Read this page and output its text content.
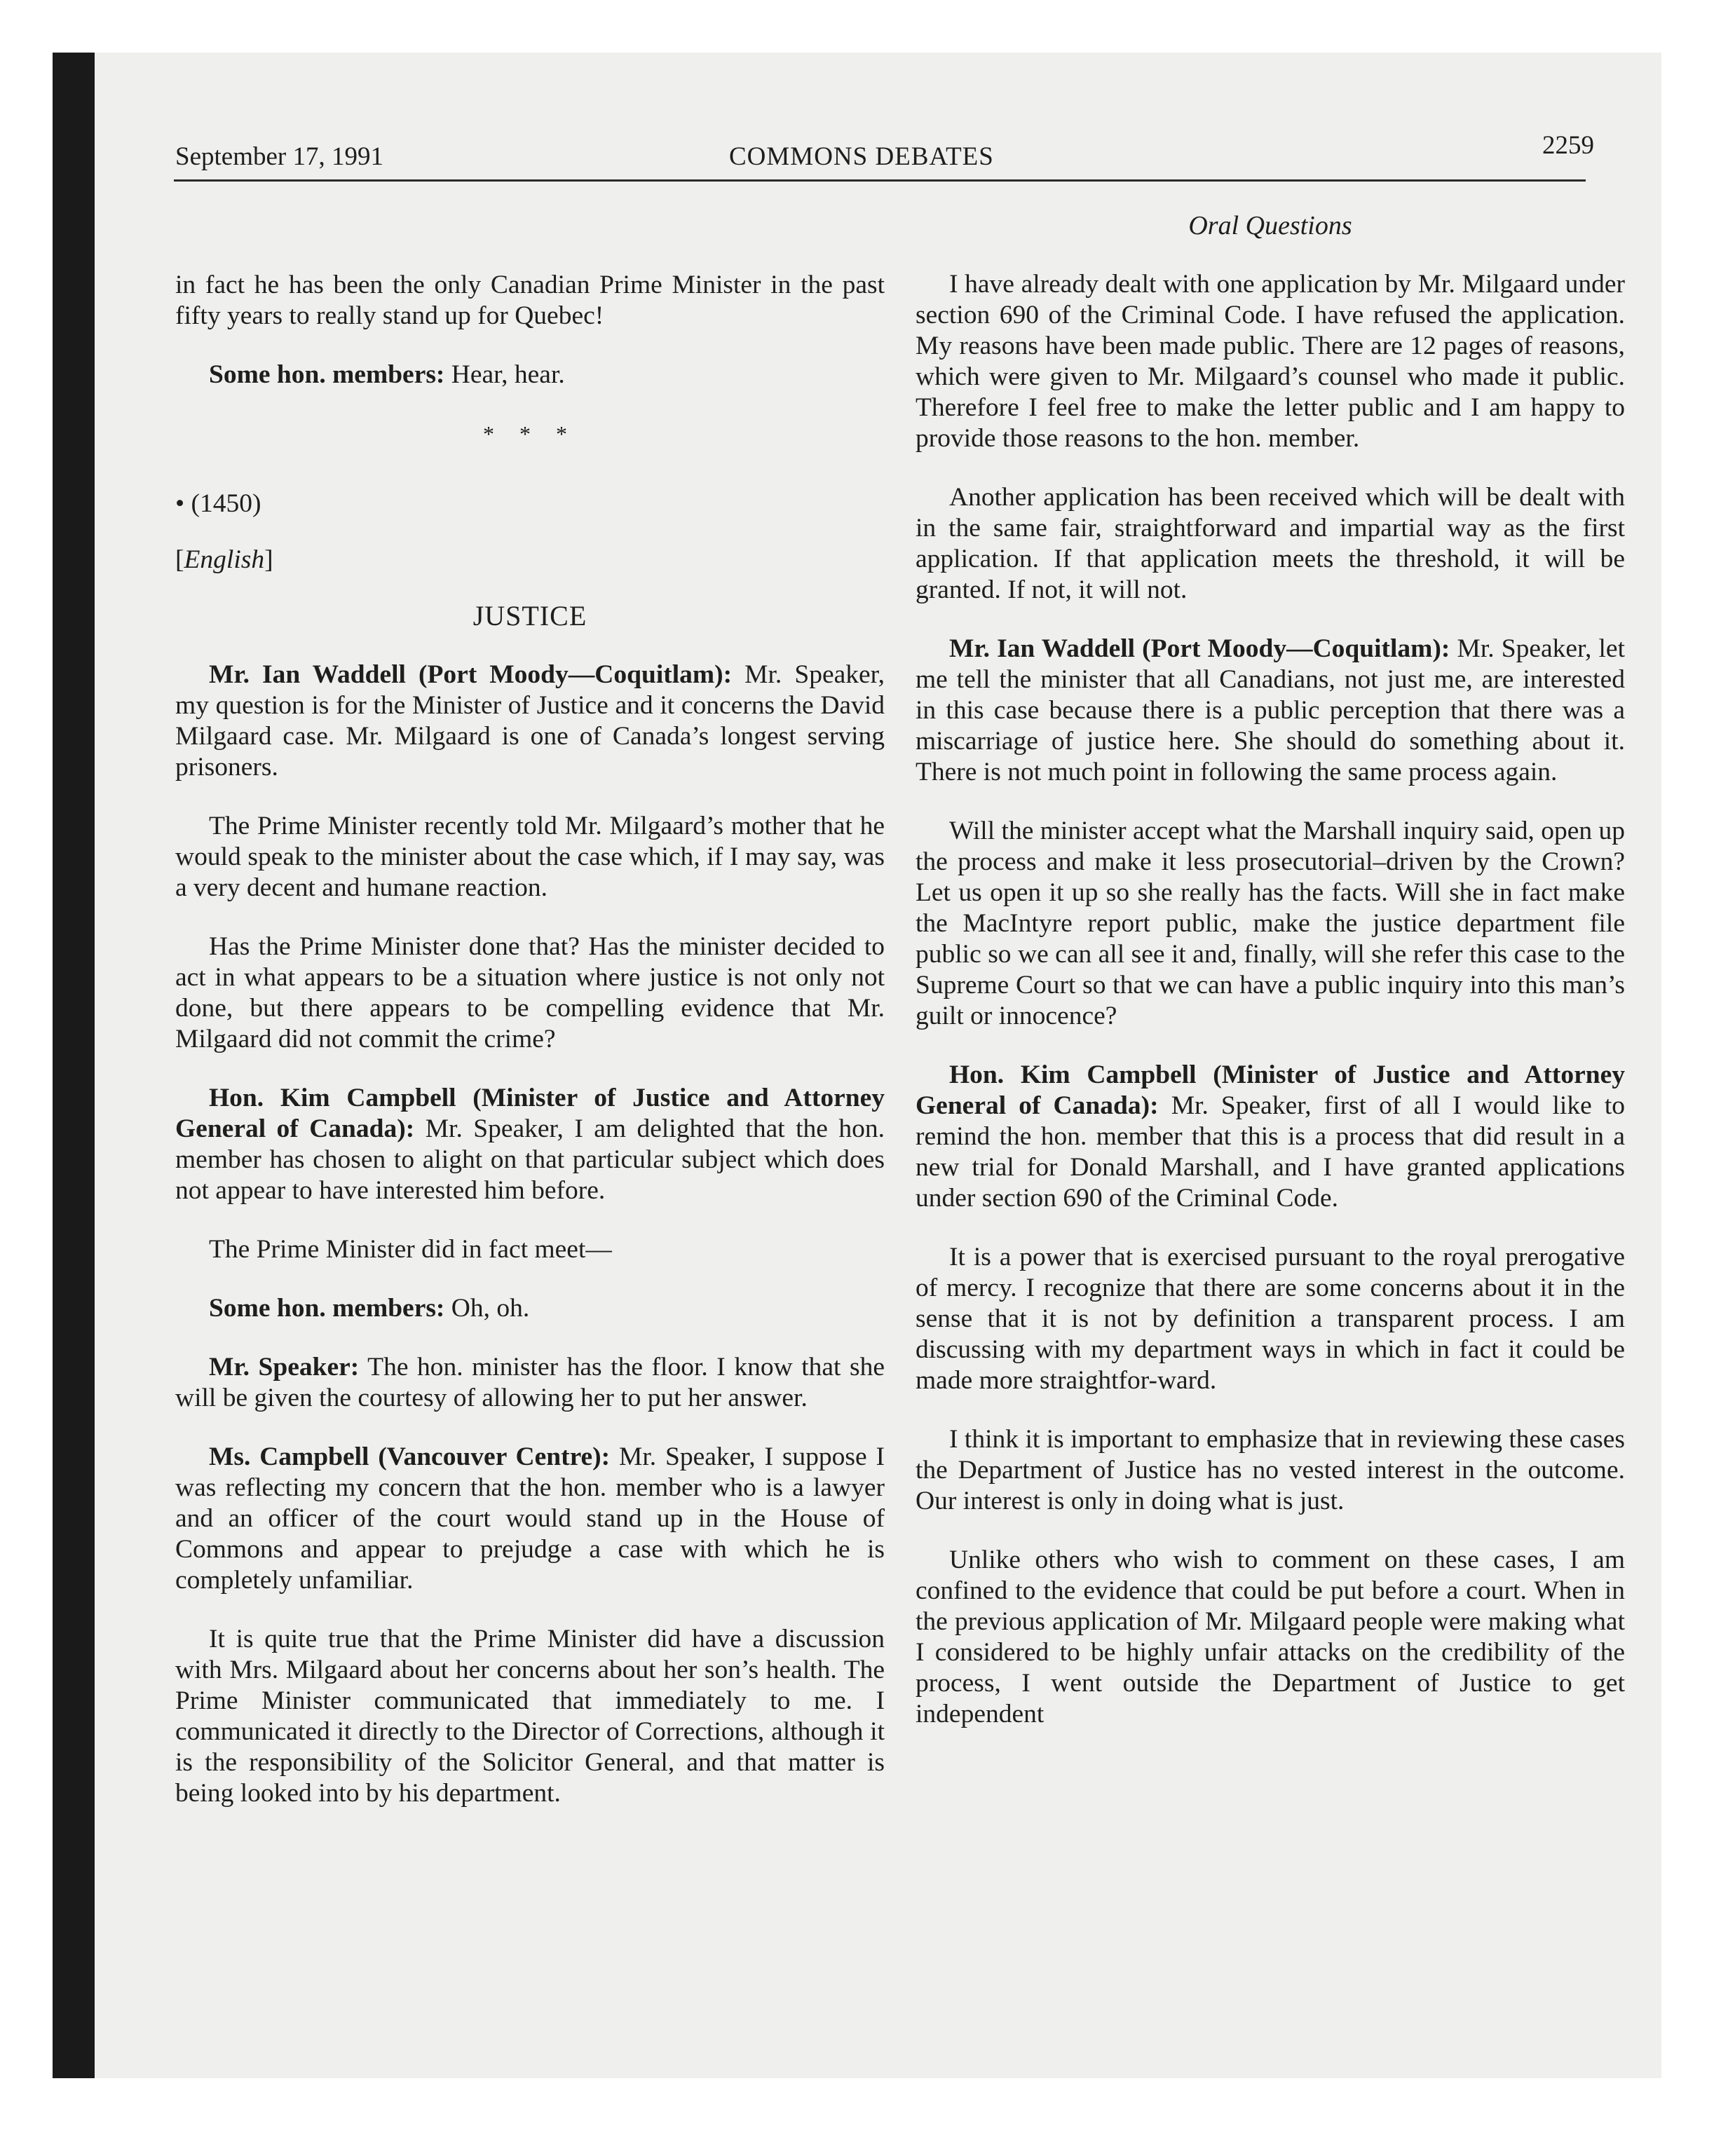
September 17, 1991	COMMONS DEBATES	2259

in fact he has been the only Canadian Prime Minister in the past fifty years to really stand up for Quebec!

Some hon. members: Hear, hear.

* * *
• (1450)
[English]
JUSTICE

Mr. Ian Waddell (Port Moody—Coquitlam): Mr. Speaker, my question is for the Minister of Justice and it concerns the David Milgaard case. Mr. Milgaard is one of Canada’s longest serving prisoners.

The Prime Minister recently told Mr. Milgaard’s mother that he would speak to the minister about the case which, if I may say, was a very decent and humane reaction.

Has the Prime Minister done that? Has the minister decided to act in what appears to be a situation where justice is not only not done, but there appears to be compelling evidence that Mr. Milgaard did not commit the crime?

Hon. Kim Campbell (Minister of Justice and Attorney General of Canada): Mr. Speaker, I am delighted that the hon. member has chosen to alight on that particular subject which does not appear to have interested him before.

The Prime Minister did in fact meet—

Some hon. members: Oh, oh.

Mr. Speaker: The hon. minister has the floor. I know that she will be given the courtesy of allowing her to put her answer.

Ms. Campbell (Vancouver Centre): Mr. Speaker, I suppose I was reflecting my concern that the hon. member who is a lawyer and an officer of the court would stand up in the House of Commons and appear to prejudge a case with which he is completely unfamiliar.

It is quite true that the Prime Minister did have a discussion with Mrs. Milgaard about her concerns about her son’s health. The Prime Minister communicated that immediately to me. I communicated it directly to the Director of Corrections, although it is the responsibility of the Solicitor General, and that matter is being looked into by his department.

Oral Questions

I have already dealt with one application by Mr. Milgaard under section 690 of the Criminal Code. I have refused the application. My reasons have been made public. There are 12 pages of reasons, which were given to Mr. Milgaard’s counsel who made it public. Therefore I feel free to make the letter public and I am happy to provide those reasons to the hon. member.

Another application has been received which will be dealt with in the same fair, straightforward and impartial way as the first application. If that application meets the threshold, it will be granted. If not, it will not.

Mr. Ian Waddell (Port Moody—Coquitlam): Mr. Speaker, let me tell the minister that all Canadians, not just me, are interested in this case because there is a public perception that there was a miscarriage of justice here. She should do something about it. There is not much point in following the same process again.

Will the minister accept what the Marshall inquiry said, open up the process and make it less prosecutorial–driven by the Crown? Let us open it up so she really has the facts. Will she in fact make the MacIntyre report public, make the justice department file public so we can all see it and, finally, will she refer this case to the Supreme Court so that we can have a public inquiry into this man’s guilt or innocence?

Hon. Kim Campbell (Minister of Justice and Attorney General of Canada): Mr. Speaker, first of all I would like to remind the hon. member that this is a process that did result in a new trial for Donald Marshall, and I have granted applications under section 690 of the Criminal Code.

It is a power that is exercised pursuant to the royal prerogative of mercy. I recognize that there are some concerns about it in the sense that it is not by definition a transparent process. I am discussing with my department ways in which in fact it could be made more straightfor-ward.

I think it is important to emphasize that in reviewing these cases the Department of Justice has no vested interest in the outcome. Our interest is only in doing what is just.

Unlike others who wish to comment on these cases, I am confined to the evidence that could be put before a court. When in the previous application of Mr. Milgaard people were making what I considered to be highly unfair attacks on the credibility of the process, I went outside the Department of Justice to get independent
